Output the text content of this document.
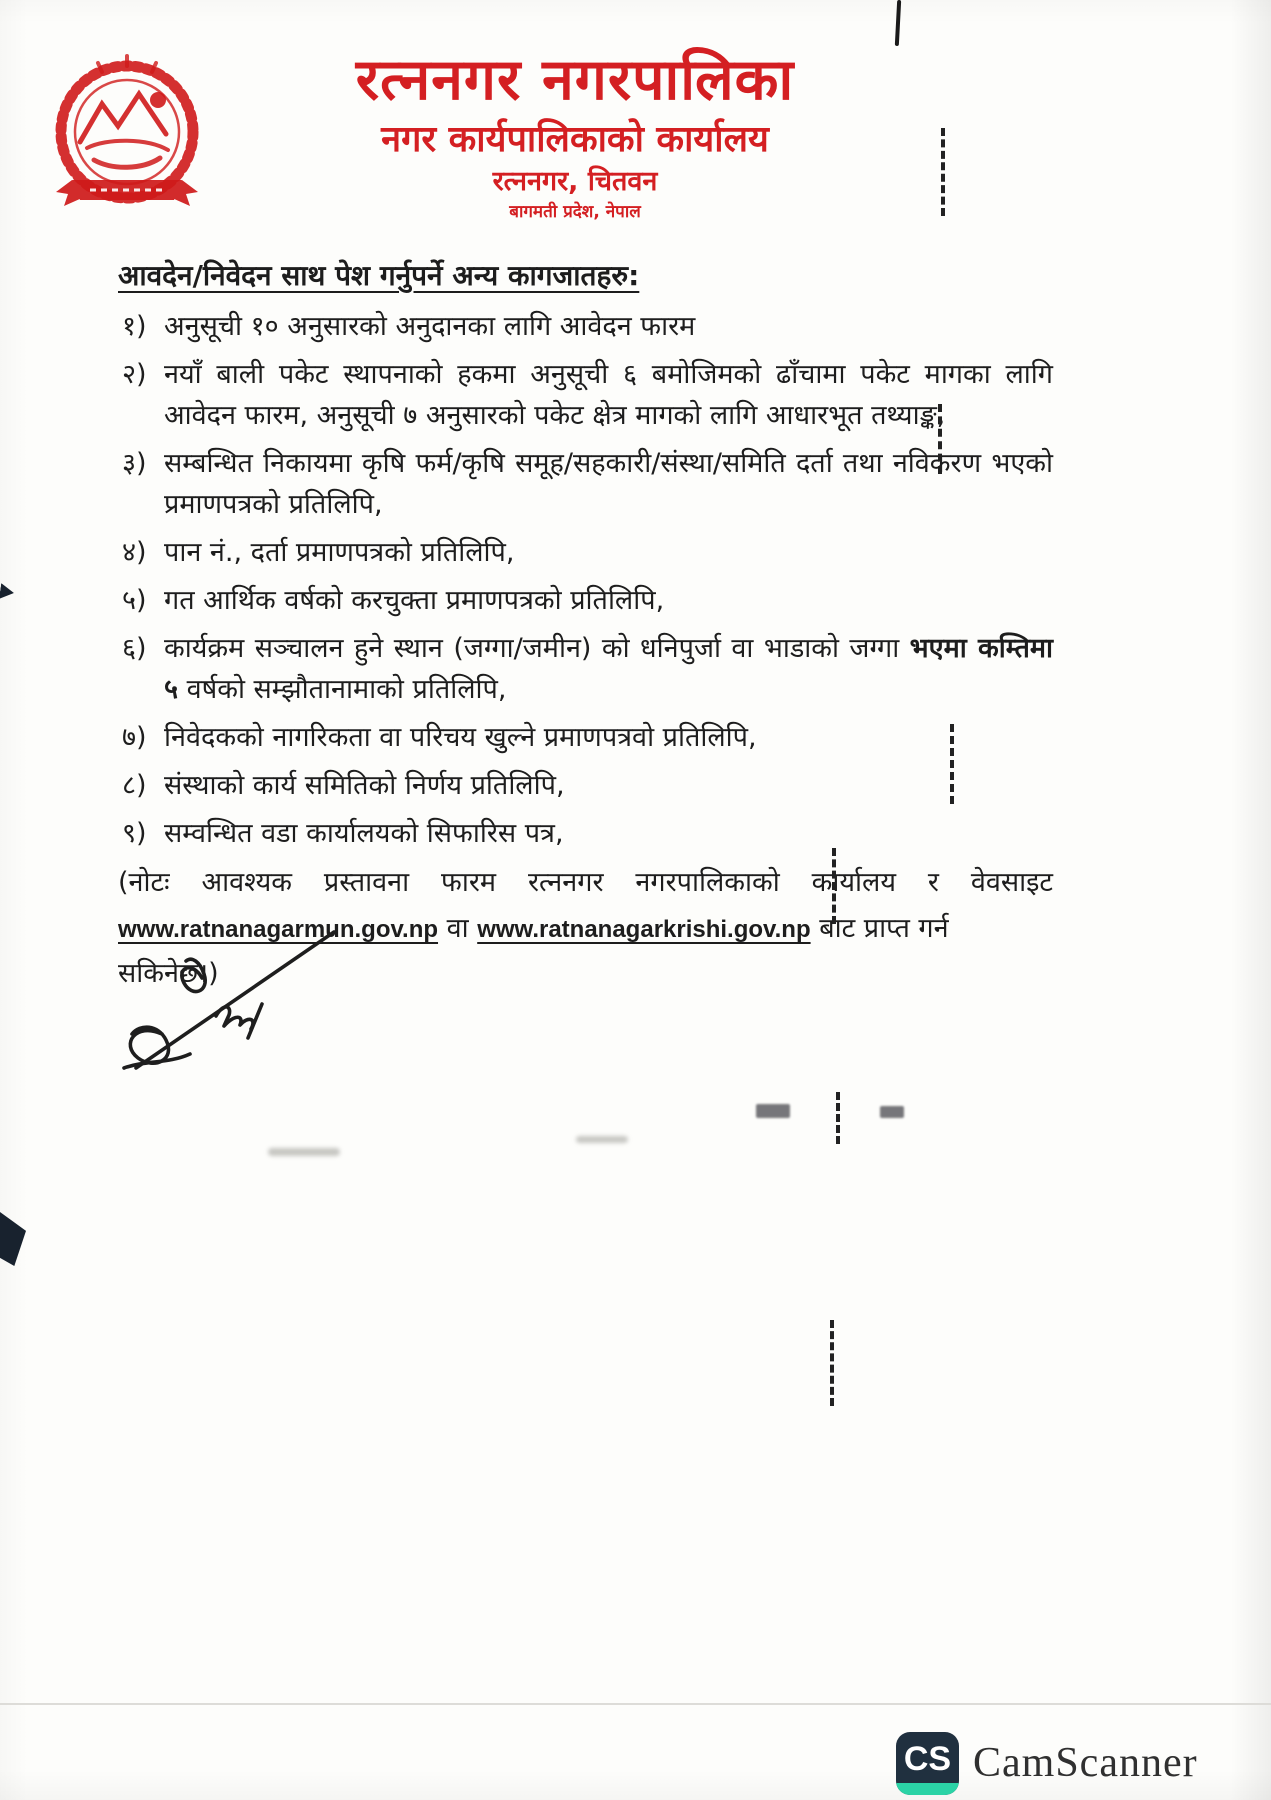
रत्ननगर नगरपालिका
नगर कार्यपालिकाको कार्यालय
रत्ननगर, चितवन
बागमती प्रदेश, नेपाल
आवदेन/निवेदन साथ पेश गर्नुपर्ने अन्य कागजातहरु:
१) अनुसूची १० अनुसारको अनुदानका लागि आवेदन फारम
२) नयाँ बाली पकेट स्थापनाको हकमा अनुसूची ६ बमोजिमको ढाँचामा पकेट मागका लागि आवेदन फारम, अनुसूची ७ अनुसारको पकेट क्षेत्र मागको लागि आधारभूत तथ्याङ्क,
३) सम्बन्धित निकायमा कृषि फर्म/कृषि समूह/सहकारी/संस्था/समिति दर्ता तथा नविकरण भएको प्रमाणपत्रको प्रतिलिपि,
४) पान नं., दर्ता प्रमाणपत्रको प्रतिलिपि,
५) गत आर्थिक वर्षको करचुक्ता प्रमाणपत्रको प्रतिलिपि,
६) कार्यक्रम सञ्चालन हुने स्थान (जग्गा/जमीन) को धनिपुर्जा वा भाडाको जग्गा भएमा कम्तिमा ५ वर्षको सम्झौतानामाको प्रतिलिपि,
७) निवेदकको नागरिकता वा परिचय खुल्ने प्रमाणपत्रवो प्रतिलिपि,
८) संस्थाको कार्य समितिको निर्णय प्रतिलिपि,
९) सम्वन्धित वडा कार्यालयको सिफारिस पत्र,
(नोटः आवश्यक प्रस्तावना फारम रत्ननगर नगरपालिकाको कार्यालय र वेवसाइट
www.ratnanagarmun.gov.np वा www.ratnanagarkrishi.gov.np बाट प्राप्त गर्न सकिनेछ।)
CS CamScanner
